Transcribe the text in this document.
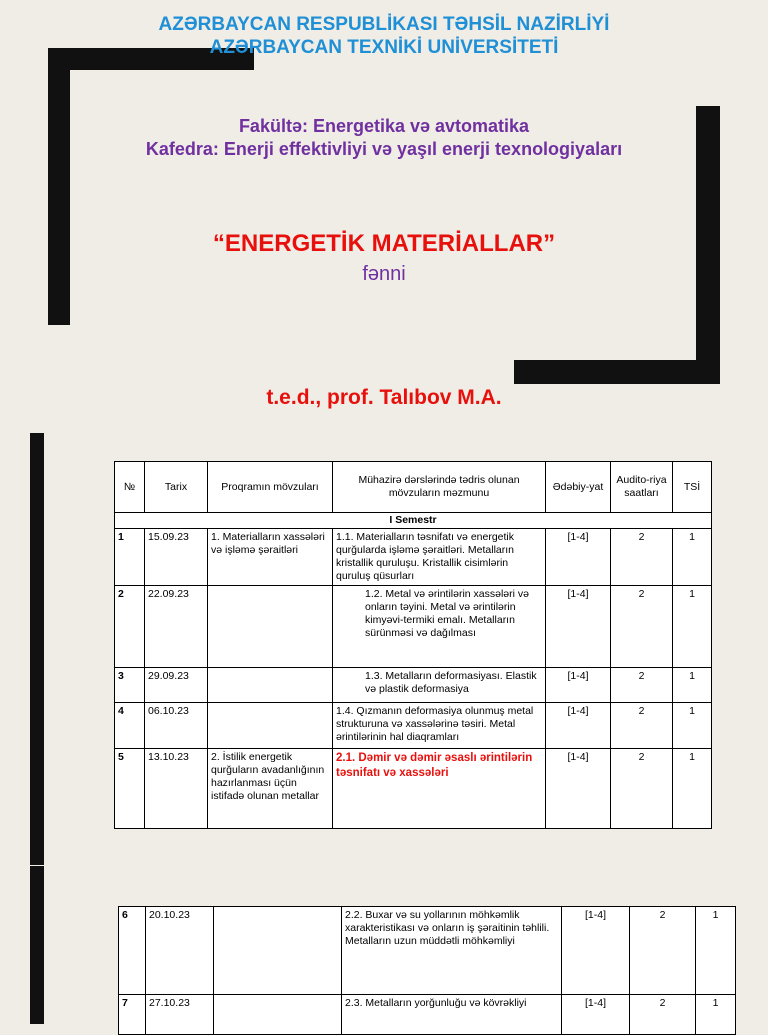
AZƏRBAYCAN RESPUBLİKASI TƏHSİL NAZİRLİYİ
AZƏRBAYCAN TEXNİKİ UNİVERSİTETİ
Fakültə: Energetika və avtomatika
Kafedra: Enerji effektivliyi və yaşıl enerji texnologiyaları
“ENERGETİK MATERİALLAR”
fənni
t.e.d., prof. Talıbov M.A.
№	Tarix	Proqramın mövzuları	Mühazirə dərslərində tədris olunan mövzuların məzmunu	Ədəbiy-yat	Audito-riya saatları	TSİ
I Semestr						
1	15.09.23	1. Materialların xassələri və işləmə şəraitləri	1.1. Materialların təsnifatı və energetik qurğularda işləmə şəraitləri. Metalların kristallik quruluşu. Kristallik cisimlərin quruluş qüsurları	[1-4]	2	1
2	22.09.23		1.2. Metal və ərintilərin xassələri və onların təyini. Metal və ərintilərin kimyəvi-termiki emalı. Metalların sürünməsi və dağılması	[1-4]	2	1
3	29.09.23		1.3. Metalların deformasiyası. Elastik və plastik deformasiya	[1-4]	2	1
4	06.10.23		1.4. Qızmanın deformasiya olunmuş metal strukturuna və xassələrinə təsiri. Metal ərintilərinin hal diaqramları	[1-4]	2	1
5	13.10.23	2. İstilik energetik qurğuların avadanlığının hazırlanması üçün istifadə olunan metallar	2.1. Dəmir və dəmir əsaslı ərintilərin təsnifatı və xassələri	[1-4]	2	1
6	20.10.23		2.2. Buxar və su yollarının möhkəmlik xarakteristikası və onların iş şəraitinin təhlili. Metalların uzun müddətli möhkəmliyi	[1-4]	2	1
7	27.10.23		2.3. Metalların yorğunluğu və kövrəkliyi	[1-4]	2	1
